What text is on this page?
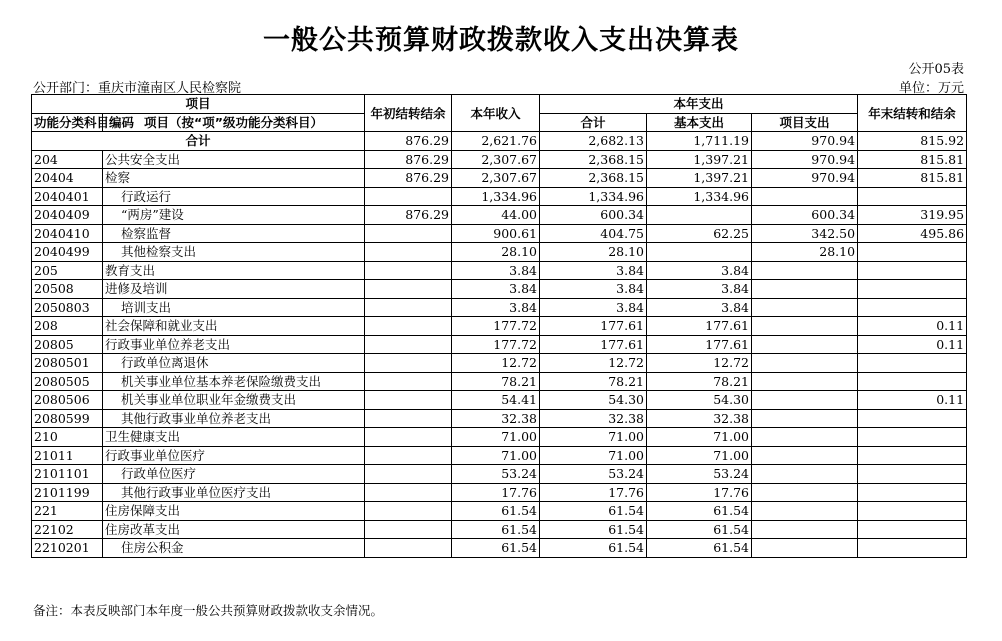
一般公共预算财政拨款收入支出决算表
公开05表
公开部门：重庆市潼南区人民检察院	单位：万元
项目		年初结转结余	本年收入	本年支出			年末结转和结余
功能分类科目编码	项目（按“项”级功能分类科目）			合计	基本支出	项目支出	
合计		876.29	2,621.76	2,682.13	1,711.19	970.94	815.92
204	公共安全支出	876.29	2,307.67	2,368.15	1,397.21	970.94	815.81
20404	检察	876.29	2,307.67	2,368.15	1,397.21	970.94	815.81
2040401	行政运行		1,334.96	1,334.96	1,334.96		
2040409	“两房”建设	876.29	44.00	600.34		600.34	319.95
2040410	检察监督		900.61	404.75	62.25	342.50	495.86
2040499	其他检察支出		28.10	28.10		28.10	
205	教育支出		3.84	3.84	3.84		
20508	进修及培训		3.84	3.84	3.84		
2050803	培训支出		3.84	3.84	3.84		
208	社会保障和就业支出		177.72	177.61	177.61		0.11
20805	行政事业单位养老支出		177.72	177.61	177.61		0.11
2080501	行政单位离退休		12.72	12.72	12.72		
2080505	机关事业单位基本养老保险缴费支出		78.21	78.21	78.21		
2080506	机关事业单位职业年金缴费支出		54.41	54.30	54.30		0.11
2080599	其他行政事业单位养老支出		32.38	32.38	32.38		
210	卫生健康支出		71.00	71.00	71.00		
21011	行政事业单位医疗		71.00	71.00	71.00		
2101101	行政单位医疗		53.24	53.24	53.24		
2101199	其他行政事业单位医疗支出		17.76	17.76	17.76		
221	住房保障支出		61.54	61.54	61.54		
22102	住房改革支出		61.54	61.54	61.54		
2210201	住房公积金		61.54	61.54	61.54		
备注：本表反映部门本年度一般公共预算财政拨款收支余情况。
